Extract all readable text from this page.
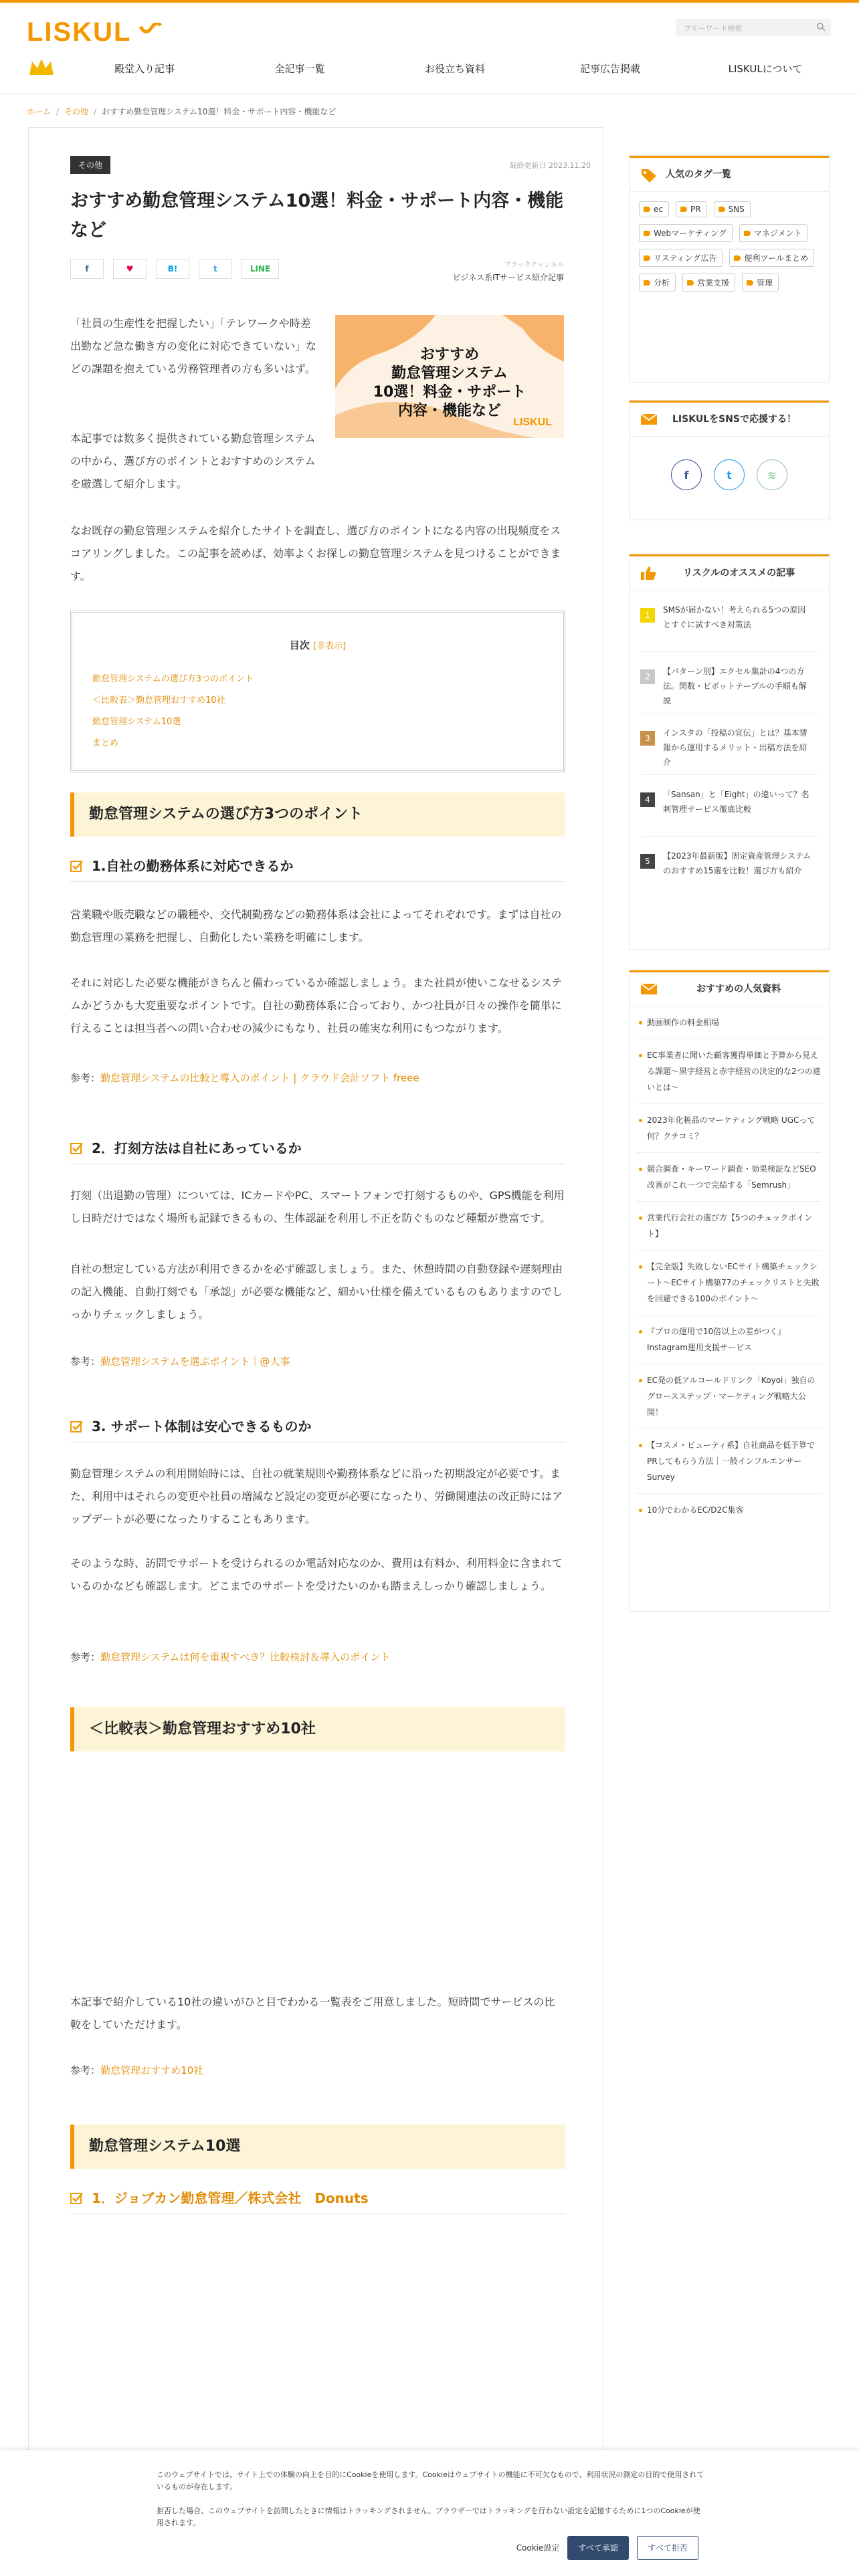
LISKUL	フリーワード検索
殿堂入り記事	全記事一覧	お役立ち資料	記事広告掲載	LISKULについて
ホーム / その他 / おすすめ勤怠管理システム10選！料金・サポート内容・機能など
その他	最終更新日 2023.11.20
おすすめ勤怠管理システム10選！料金・サポート内容・機能など
f	♥	B!	t	LINE	ブラックチャンネル
ビジネス系ITサービス紹介記事
「社員の生産性を把握したい」「テレワークや時差出勤など急な働き方の変化に対応できていない」などの課題を抱えている労務管理者の方も多いはず。
おすすめ
勤怠管理システム
10選！料金・サポート
内容・機能など
LISKUL
本記事では数多く提供されている勤怠管理システムの中から、選び方のポイントとおすすめのシステムを厳選して紹介します。
なお既存の勤怠管理システムを紹介したサイトを調査し、選び方のポイントになる内容の出現頻度をスコアリングしました。この記事を読めば、効率よくお探しの勤怠管理システムを見つけることができます。
目次 [非表示]
勤怠管理システムの選び方3つのポイント
＜比較表＞勤怠管理おすすめ10社
勤怠管理システム10選
まとめ
勤怠管理システムの選び方3つのポイント
1.自社の勤務体系に対応できるか
営業職や販売職などの職種や、交代制勤務などの勤務体系は会社によってそれぞれです。まずは自社の勤怠管理の業務を把握し、自動化したい業務を明確にします。
それに対応した必要な機能がきちんと備わっているか確認しましょう。また社員が使いこなせるシステムかどうかも大変重要なポイントです。自社の勤務体系に合っており、かつ社員が日々の操作を簡単に行えることは担当者への問い合わせの減少にもなり、社員の確実な利用にもつながります。
参考：勤怠管理システムの比較と導入のポイント | クラウド会計ソフト freee
2．打刻方法は自社にあっているか
打刻（出退勤の管理）については、ICカードやPC、スマートフォンで打刻するものや、GPS機能を利用し日時だけではなく場所も記録できるもの、生体認証を利用し不正を防ぐものなど種類が豊富です。
自社の想定している方法が利用できるかを必ず確認しましょう。また、休憩時間の自動登録や遅刻理由の記入機能、自動打刻でも「承認」が必要な機能など、細かい仕様を備えているものもありますのでしっかりチェックしましょう。
参考：勤怠管理システムを選ぶポイント｜@人事
3. サポート体制は安心できるものか
勤怠管理システムの利用開始時には、自社の就業規則や勤務体系などに沿った初期設定が必要です。また、利用中はそれらの変更や社員の増減など設定の変更が必要になったり、労働関連法の改正時にはアップデートが必要になったりすることもあります。
そのような時、訪問でサポートを受けられるのか電話対応なのか、費用は有料か、利用料金に含まれているのかなども確認します。どこまでのサポートを受けたいのかも踏まえしっかり確認しましょう。
参考：勤怠管理システムは何を重視すべき？比較検討＆導入のポイント
＜比較表＞勤怠管理おすすめ10社
本記事で紹介している10社の違いがひと目でわかる一覧表をご用意しました。短時間でサービスの比較をしていただけます。
参考：勤怠管理おすすめ10社
勤怠管理システム10選
1．ジョブカン勤怠管理／株式会社　Donuts
人気のタグ一覧
ec	PR	SNS
Webマーケティング	マネジメント
リスティング広告	便利ツールまとめ
分析	営業支援	管理
LISKULをSNSで応援する！
f	t	≋
リスクルのオススメの記事
1
SMSが届かない！考えられる5つの原因とすぐに試すべき対策法
2
【パターン別】エクセル集計の4つの方法。関数・ピボットテーブルの手順も解説
3
インスタの「投稿の宣伝」とは？基本情報から運用するメリット・出稿方法を紹介
4
「Sansan」と「Eight」の違いって？名刺管理サービス徹底比較
5
【2023年最新版】固定資産管理システムのおすすめ15選を比較！選び方も紹介
おすすめの人気資料
動画制作の料金相場
EC事業者に聞いた顧客獲得単価と予算から見える課題〜黒字経営と赤字経営の決定的な2つの違いとは〜
2023年化粧品のマーケティング戦略 UGCって何？クチコミ？
競合調査・キーワード調査・効果検証などSEO改善がこれ一つで完結する「Semrush」
営業代行会社の選び方【5つのチェックポイント】
【完全版】失敗しないECサイト構築チェックシート〜ECサイト構築77のチェックリストと失敗を回避できる100のポイント〜
『プロの運用で10倍以上の差がつく』Instagram運用支援サービス
EC発の低アルコールドリンク「Koyoi」独自のグロースステップ・マーケティング戦略大公開！
【コスメ・ビューティ系】自社商品を低予算でPRしてもらう方法｜一般インフルエンサーSurvey
10分でわかるEC/D2C集客
このウェブサイトでは、サイト上での体験の向上を目的にCookieを使用します。Cookieはウェブサイトの機能に不可欠なもので、利用状況の測定の目的で使用されているものが存在します。
拒否した場合、このウェブサイトを訪問したときに情報はトラッキングされません。ブラウザーではトラッキングを行わない設定を記憶するために1つのCookieが使用されます。
Cookie設定	すべて承認	すべて拒否
